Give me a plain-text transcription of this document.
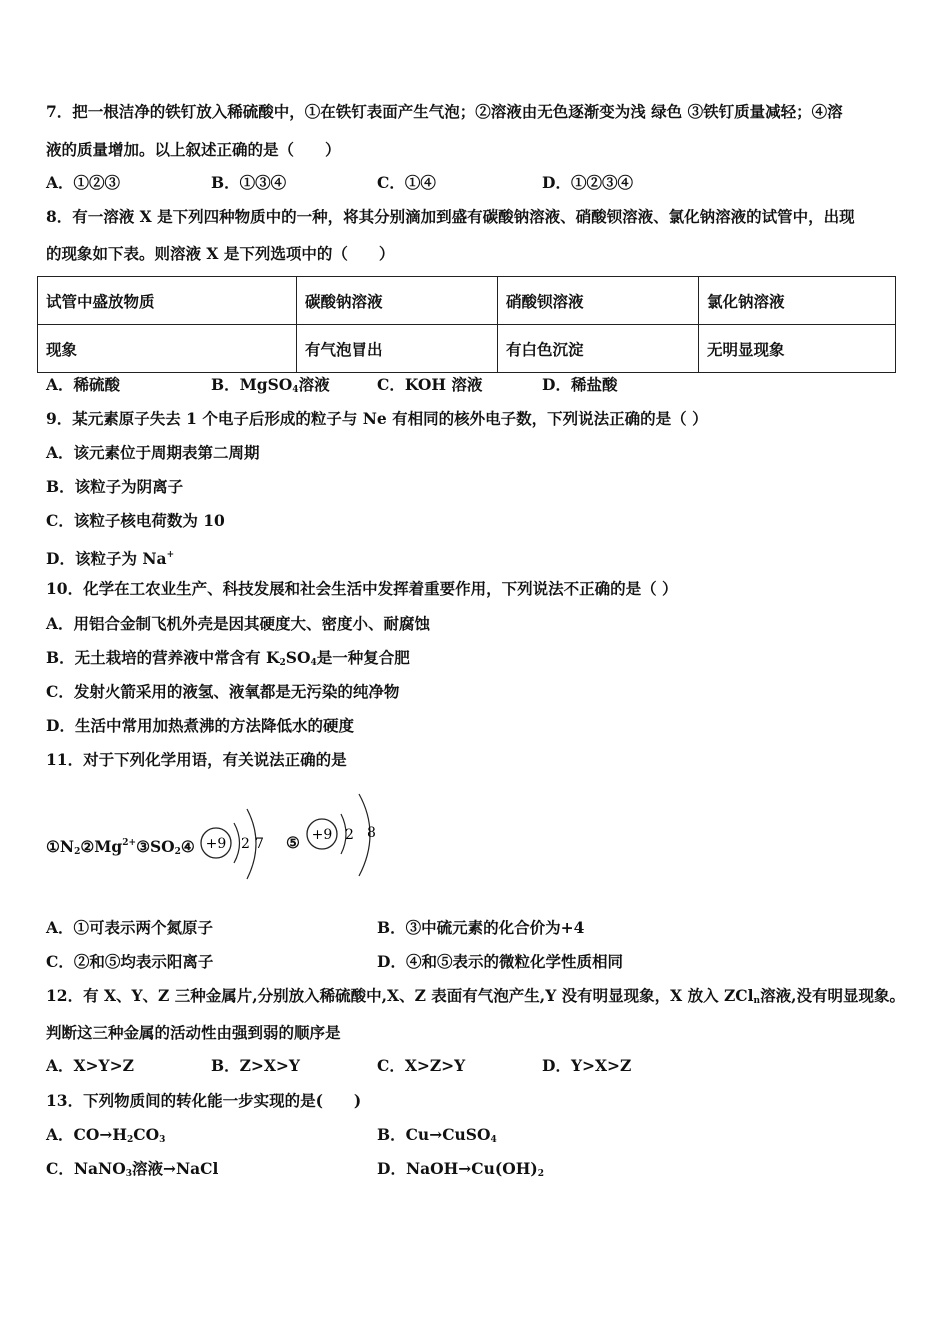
7．把一根洁净的铁钉放入稀硫酸中，①在铁钉表面产生气泡；②溶液由无色逐渐变为浅 绿色 ③铁钉质量减轻；④溶
液的质量增加。以上叙述正确的是（　　）
A．①②③	B．①③④	C．①④	D．①②③④
8．有一溶液 X 是下列四种物质中的一种，将其分别滴加到盛有碳酸钠溶液、硝酸钡溶液、氯化钠溶液的试管中，出现
的现象如下表。则溶液 X 是下列选项中的（　　）
试管中盛放物质	碳酸钠溶液	硝酸钡溶液	氯化钠溶液
现象	有气泡冒出	有白色沉淀	无明显现象
A．稀硫酸	B．MgSO$_4$溶液	C．KOH 溶液	D．稀盐酸
9．某元素原子失去 1 个电子后形成的粒子与 Ne 有相同的核外电子数，下列说法正确的是（ ）
A．该元素位于周期表第二周期
B．该粒子为阴离子
C．该粒子核电荷数为 10
D．该粒子为 Na+
10．化学在工农业生产、科技发展和社会生活中发挥着重要作用，下列说法不正确的是（ ）
A．用铝合金制飞机外壳是因其硬度大、密度小、耐腐蚀
B．无土栽培的营养液中常含有 $K_2SO_4$是一种复合肥
C．发射火箭采用的液氢、液氧都是无污染的纯净物
D．生活中常用加热煮沸的方法降低水的硬度
11．对于下列化学用语，有关说法正确的是
$①N_2②Mg^{2+}③SO_2④ +9$ 2 7 ⑤ +9 2 8
A．①可表示两个氮原子	B．③中硫元素的化合价为+4
C．②和⑤均表示阳离子	D．④和⑤表示的微粒化学性质相同
12．有 X、Y、Z 三种金属片,分别放入稀硫酸中,X、Z 表面有气泡产生,Y 没有明显现象，X 放入 ZCl$_n$溶液,没有明显现象。
判断这三种金属的活动性由强到弱的顺序是
A．X>Y>Z	B．Z>X>Y	C．X>Z>Y	D．Y>X>Z
13．下列物质间的转化能一步实现的是(　　)
A．$CO\to H_2CO_3$	B．Cu→CuSO$_4$
C．NaNO$_3$溶液→NaCl	D．$NaOH\to Cu(OH)_2$
